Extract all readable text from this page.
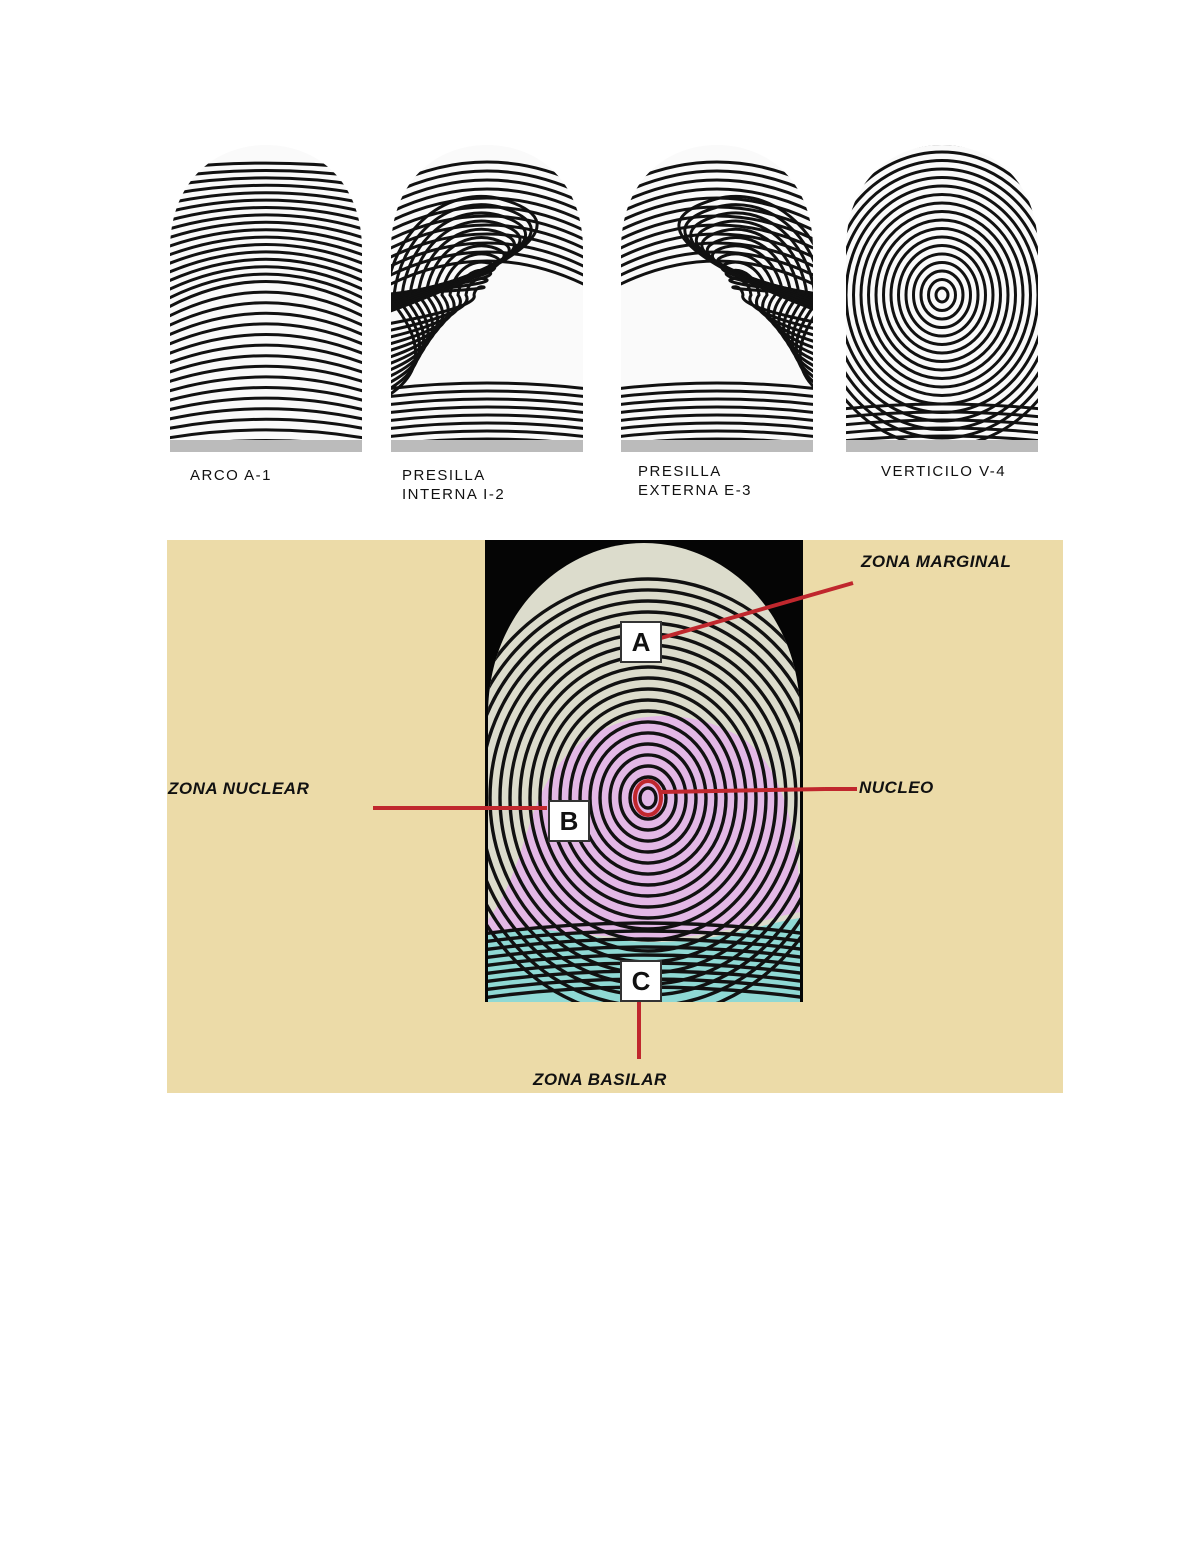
ARCO A-1	PRESILLA
INTERNA I-2
PRESILLA
EXTERNA E-3
VERTICILO V-4
A
B
C
ZONA MARGINAL
ZONA NUCLEAR	NUCLEO
ZONA BASILAR
